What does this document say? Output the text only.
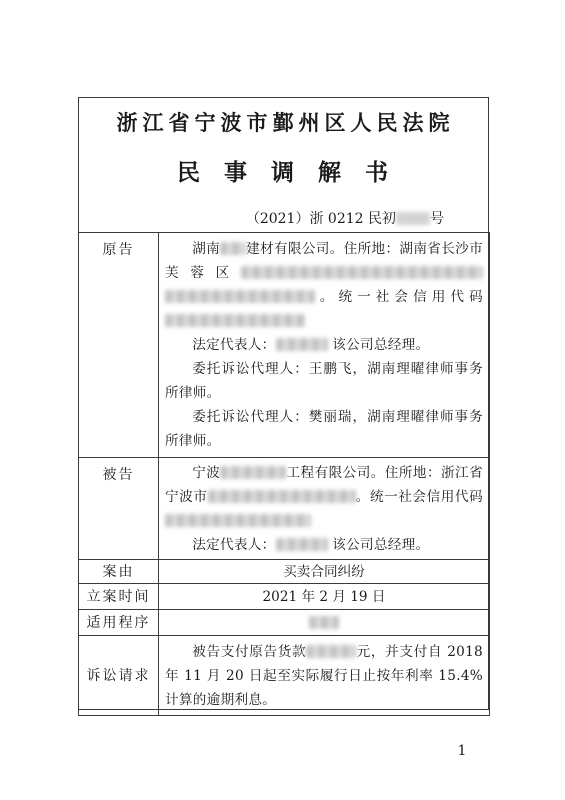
浙江省宁波市鄞州区人民法院
民事调解书
（2021）浙 0212 民初 号
原告	湖南 建材有限公司。住所地：湖南省长沙市芙蓉区。统一社会信用代码

法定代表人： 该公司总经理。

委托诉讼代理人：王鹏飞，湖南理曜律师事务所律师。

委托诉讼代理人：樊丽瑞，湖南理曜律师事务所律师。

被告	宁波 工程有限公司。住所地：浙江省宁波市 。统一社会信用代码

法定代表人： 该公司总经理。

案由	买卖合同纠纷
立案时间	2021 年 2 月 19 日
适用程序	
诉讼请求	被告支付原告货款 元，并支付自 2018 年 11 月 20 日起至实际履行日止按年利率 15.4% 计算的逾期利息。

1
